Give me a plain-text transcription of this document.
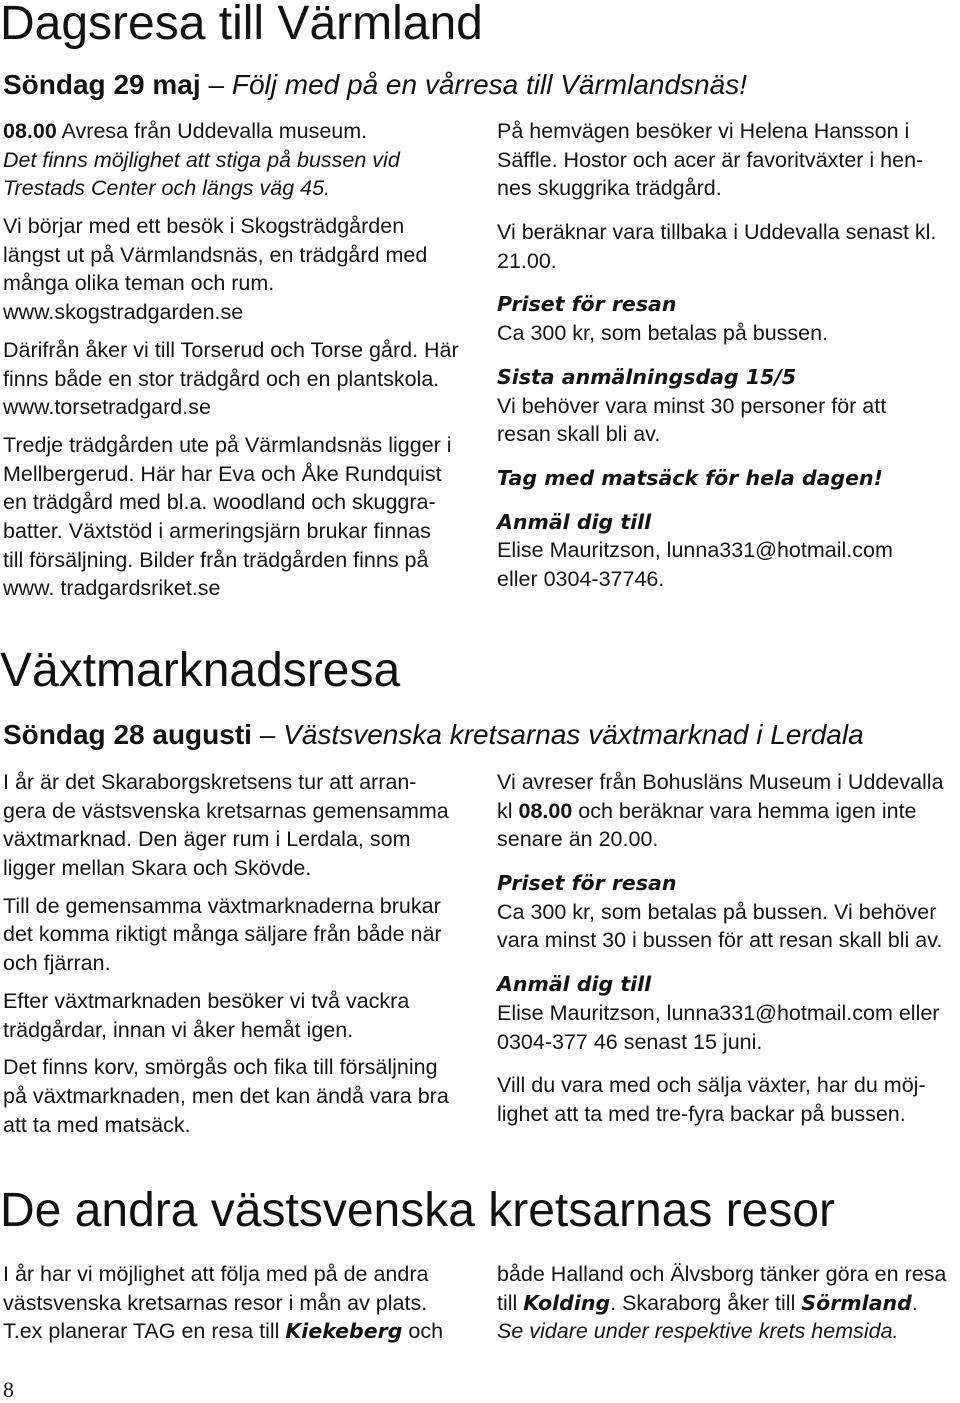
Dagsresa till Värmland
Söndag 29 maj – Följ med på en vårresa till Värmlandsnäs!
08.00 Avresa från Uddevalla museum.
Det finns möjlighet att stiga på bussen vid
Trestads Center och längs väg 45.
Vi börjar med ett besök i Skogsträdgården
längst ut på Värmlandsnäs, en trädgård med
många olika teman och rum.
www.skogstradgarden.se
Därifrån åker vi till Torserud och Torse gård. Här
finns både en stor trädgård och en plantskola.
www.torsetradgard.se
Tredje trädgården ute på Värmlandsnäs ligger i
Mellbergerud. Här har Eva och Åke Rundquist
en trädgård med bl.a. woodland och skuggra-
batter. Växtstöd i armeringsjärn brukar finnas
till försäljning. Bilder från trädgården finns på
www. tradgardsriket.se
På hemvägen besöker vi Helena Hansson i
Säffle. Hostor och acer är favoritväxter i hen-
nes skuggrika trädgård.
Vi beräknar vara tillbaka i Uddevalla senast kl.
21.00.
Priset för resan
Ca 300 kr, som betalas på bussen.
Sista anmälningsdag 15/5
Vi behöver vara minst 30 personer för att
resan skall bli av.
Tag med matsäck för hela dagen!
Anmäl dig till
Elise Mauritzson, lunna331@hotmail.com
eller 0304-37746.
Växtmarknadsresa
Söndag 28 augusti – Västsvenska kretsarnas växtmarknad i Lerdala
I år är det Skaraborgskretsens tur att arran-
gera de västsvenska kretsarnas gemensamma
växtmarknad. Den äger rum i Lerdala, som
ligger mellan Skara och Skövde.
Till de gemensamma växtmarknaderna brukar
det komma riktigt många säljare från både när
och fjärran.
Efter växtmarknaden besöker vi två vackra
trädgårdar, innan vi åker hemåt igen.
Det finns korv, smörgås och fika till försäljning
på växtmarknaden, men det kan ändå vara bra
att ta med matsäck.
Vi avreser från Bohusläns Museum i Uddevalla
kl 08.00 och beräknar vara hemma igen inte
senare än 20.00.
Priset för resan
Ca 300 kr, som betalas på bussen. Vi behöver
vara minst 30 i bussen för att resan skall bli av.
Anmäl dig till
Elise Mauritzson, lunna331@hotmail.com eller
0304-377 46 senast 15 juni.
Vill du vara med och sälja växter, har du möj-
lighet att ta med tre-fyra backar på bussen.
De andra västsvenska kretsarnas resor
I år har vi möjlighet att följa med på de andra
västsvenska kretsarnas resor i mån av plats.
T.ex planerar TAG en resa till Kiekeberg och
både Halland och Älvsborg tänker göra en resa
till Kolding. Skaraborg åker till Sörmland.
Se vidare under respektive krets hemsida.
8
